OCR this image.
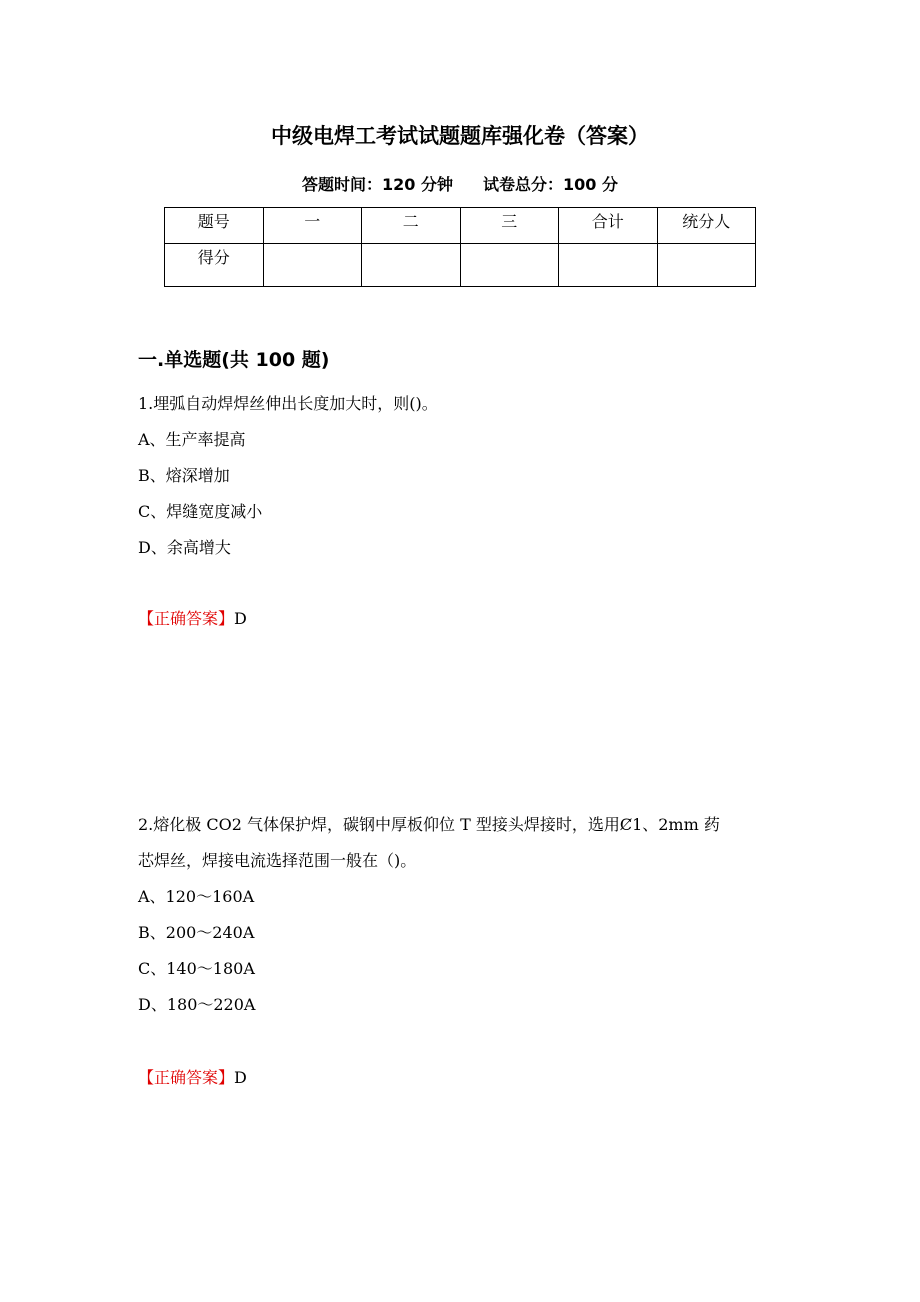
中级电焊工考试试题题库强化卷（答案）
答题时间：120 分钟 试卷总分：100 分
题号	一	二	三	合计	统分人
得分					
一.单选题(共 100 题)
1.埋弧自动焊焊丝伸出长度加大时，则()。
A、生产率提高
B、熔深增加
C、焊缝宽度减小
D、余高增大
【正确答案】D
2.熔化极 CO2 气体保护焊，碳钢中厚板仰位 T 型接头焊接时，选用Ȼ1、2mm 药
芯焊丝，焊接电流选择范围一般在（)。
A、120～160A
B、200～240A
C、140～180A
D、180～220A
【正确答案】D
